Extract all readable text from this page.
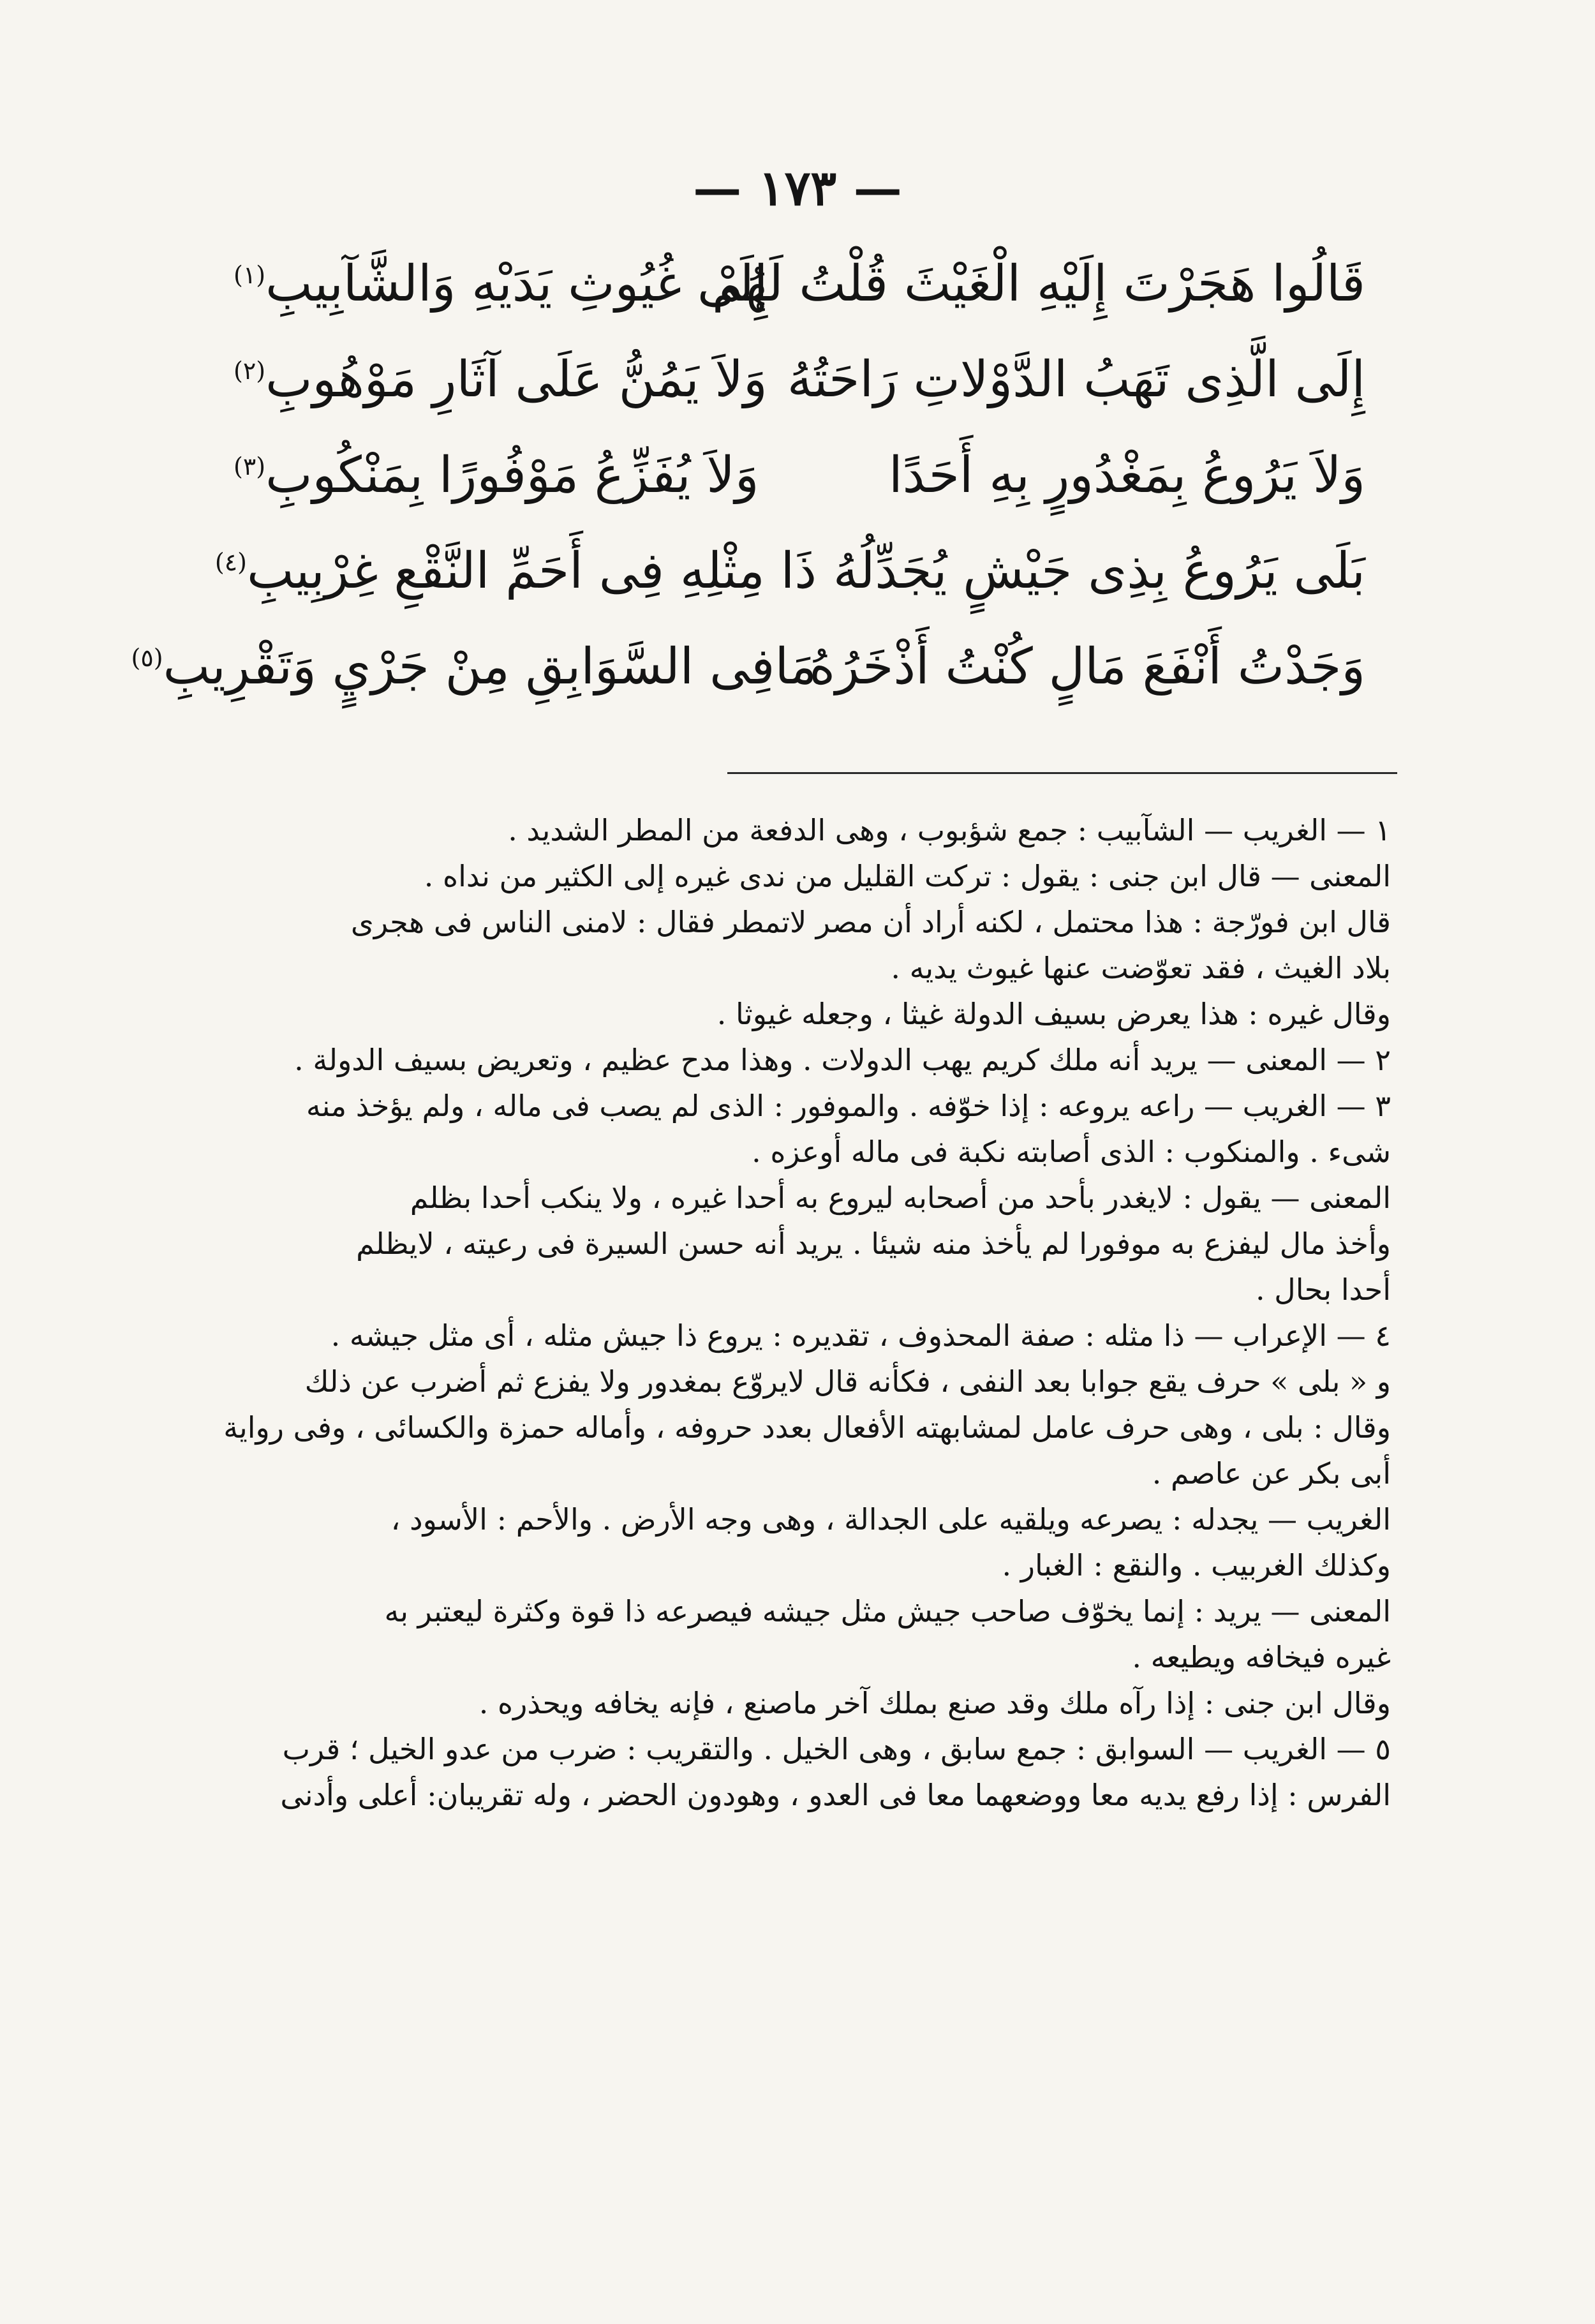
— ١٧٣ —
قَالُوا هَجَرْتَ إِلَيْهِ الْغَيْثَ قُلْتُ لَهُمْ
إِلَى غُيُوثِ يَدَيْهِ وَالشَّآبِيبِ$^{(١)}$
إِلَى الَّذِى تَهَبُ الدَّوْلاتِ رَاحَتُهُ
وَلاَ يَمُنُّ عَلَى آثَارِ مَوْهُوبِ$^{(٢)}$
وَلاَ يَرُوعُ بِمَغْدُورٍ بِهِ أَحَدًا
وَلاَ يُفَزِّعُ مَوْفُورًا بِمَنْكُوبِ$^{(٣)}$
بَلَى يَرُوعُ بِذِى جَيْشٍ يُجَدِّلُهُ
ذَا مِثْلِهِ فِى أَحَمِّ النَّقْعِ غِرْبِيبِ$^{(٤)}$
وَجَدْتُ أَنْفَعَ مَالٍ كُنْتُ أَذْخَرُهُ
مَافِى السَّوَابِقِ مِنْ جَرْيٍ وَتَقْرِيبِ$^{(٥)}$
١ — الغريب — الشآبيب : جمع شؤبوب ، وهى الدفعة من المطر الشديد .
المعنى — قال ابن جنى : يقول : تركت القليل من ندى غيره إلى الكثير من نداه .
قال ابن فورّجة : هذا محتمل ، لكنه أراد أن مصر لاتمطر فقال : لامنى الناس فى هجرى
بلاد الغيث ، فقد تعوّضت عنها غيوث يديه .
وقال غيره : هذا يعرض بسيف الدولة غيثا ، وجعله غيوثا .
٢ — المعنى — يريد أنه ملك كريم يهب الدولات . وهذا مدح عظيم ، وتعريض بسيف الدولة .
٣ — الغريب — راعه يروعه : إذا خوّفه . والموفور : الذى لم يصب فى ماله ، ولم يؤخذ منه
شىء . والمنكوب : الذى أصابته نكبة فى ماله أوعزه .
المعنى — يقول : لايغدر بأحد من أصحابه ليروع به أحدا غيره ، ولا ينكب أحدا بظلم
وأخذ مال ليفزع به موفورا لم يأخذ منه شيئا . يريد أنه حسن السيرة فى رعيته ، لايظلم
أحدا بحال .
٤ — الإعراب — ذا مثله : صفة المحذوف ، تقديره : يروع ذا جيش مثله ، أى مثل جيشه .
و « بلى » حرف يقع جوابا بعد النفى ، فكأنه قال لايروّع بمغدور ولا يفزع ثم أضرب عن ذلك
وقال : بلى ، وهى حرف عامل لمشابهته الأفعال بعدد حروفه ، وأماله حمزة والكسائى ، وفى رواية
أبى بكر عن عاصم .
الغريب — يجدله : يصرعه ويلقيه على الجدالة ، وهى وجه الأرض . والأحم : الأسود ،
وكذلك الغربيب . والنقع : الغبار .
المعنى — يريد : إنما يخوّف صاحب جيش مثل جيشه فيصرعه ذا قوة وكثرة ليعتبر به
غيره فيخافه ويطيعه .
وقال ابن جنى : إذا رآه ملك وقد صنع بملك آخر ماصنع ، فإنه يخافه ويحذره .
٥ — الغريب — السوابق : جمع سابق ، وهى الخيل . والتقريب : ضرب من عدو الخيل ؛ قرب
الفرس : إذا رفع يديه معا ووضعهما معا فى العدو ، وهودون الحضر ، وله تقريبان: أعلى وأدنى
